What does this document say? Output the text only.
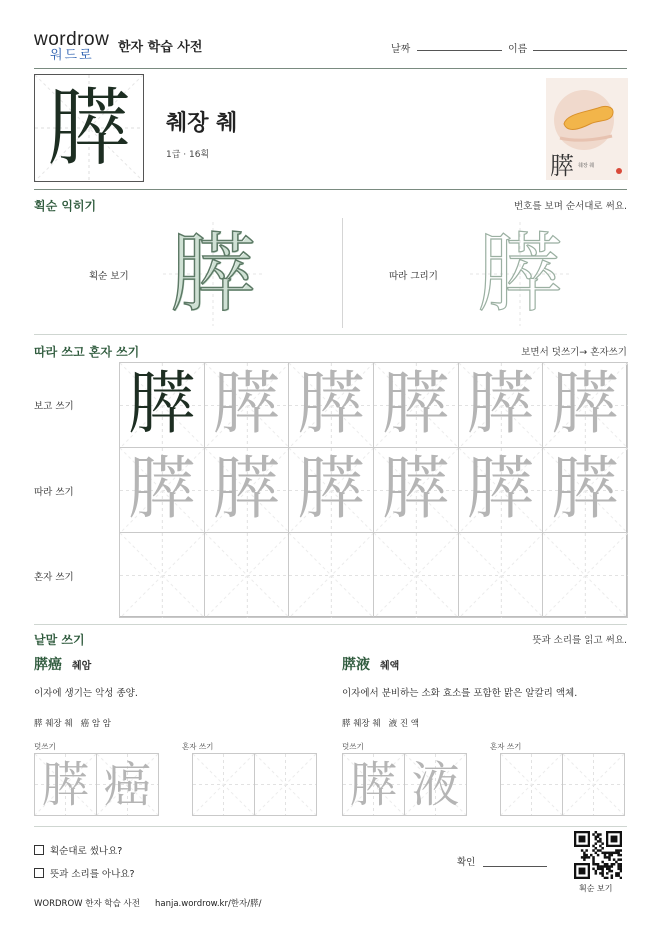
wordrow
워드로
한자 학습 사전	날짜	이름
膵	췌장 췌
1급 · 16획	膵 췌장 췌
획순 익히기	번호를 보며 순서대로 써요.
획순 보기 膵	따라 그리기 膵
따라 쓰고 혼자 쓰기	보면서 덧쓰기→ 혼자쓰기
보고 쓰기
따라 쓰기
혼자 쓰기
膵 膵 膵 膵 膵 膵
膵 膵 膵 膵 膵 膵
낱말 쓰기	뜻과 소리를 읽고 써요.
膵癌 췌암
이자에 생기는 악성 종양.
膵 췌장 췌   癌 암 암
덧쓰기	혼자 쓰기
膵 癌
膵液 췌액
이자에서 분비하는 소화 효소를 포함한 맑은 알칼리 액체.
膵 췌장 췌   液 진 액
덧쓰기	혼자 쓰기
膵 液
획순대로 썼나요?
뜻과 소리를 아나요?
확인
획순 보기
WORDROW 한자 학습 사전 hanja.wordrow.kr/한자/膵/
